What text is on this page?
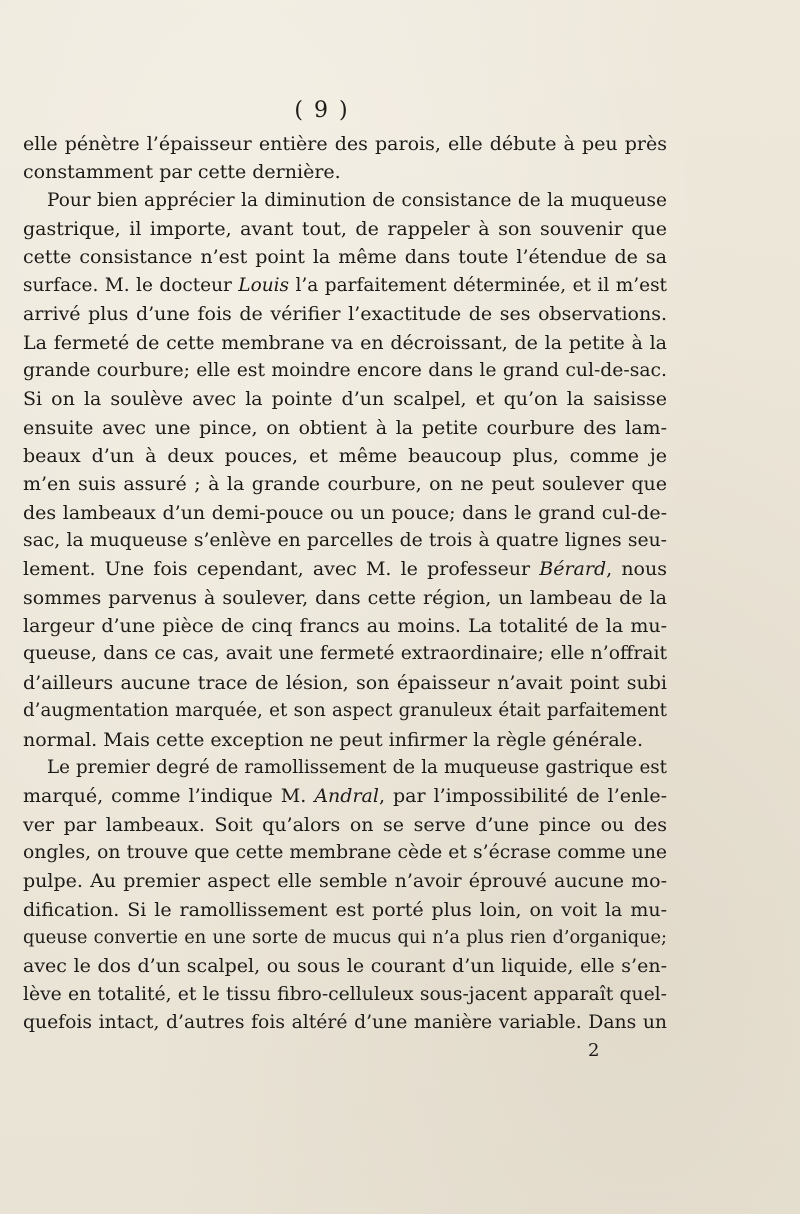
( 9 )
elle pénètre l’épaisseur entière des parois, elle débute à peu près
constamment par cette dernière.
Pour bien apprécier la diminution de consistance de la muqueuse
gastrique, il importe, avant tout, de rappeler à son souvenir que
cette consistance n’est point la même dans toute l’étendue de sa
surface. M. le docteur Louis l’a parfaitement déterminée, et il m’est
arrivé plus d’une fois de vérifier l’exactitude de ses observations.
La fermeté de cette membrane va en décroissant, de la petite à la
grande courbure; elle est moindre encore dans le grand cul-de-sac.
Si on la soulève avec la pointe d’un scalpel, et qu’on la saisisse
ensuite avec une pince, on obtient à la petite courbure des lam-
beaux d’un à deux pouces, et même beaucoup plus, comme je
m’en suis assuré ; à la grande courbure, on ne peut soulever que
des lambeaux d’un demi-pouce ou un pouce; dans le grand cul-de-
sac, la muqueuse s’enlève en parcelles de trois à quatre lignes seu-
lement. Une fois cependant, avec M. le professeur Bérard, nous
sommes parvenus à soulever, dans cette région, un lambeau de la
largeur d’une pièce de cinq francs au moins. La totalité de la mu-
queuse, dans ce cas, avait une fermeté extraordinaire; elle n’offrait
d’ailleurs aucune trace de lésion, son épaisseur n’avait point subi
d’augmentation marquée, et son aspect granuleux était parfaitement
normal. Mais cette exception ne peut infirmer la règle générale.
Le premier degré de ramollissement de la muqueuse gastrique est
marqué, comme l’indique M. Andral, par l’impossibilité de l’enle-
ver par lambeaux. Soit qu’alors on se serve d’une pince ou des
ongles, on trouve que cette membrane cède et s’écrase comme une
pulpe. Au premier aspect elle semble n’avoir éprouvé aucune mo-
dification. Si le ramollissement est porté plus loin, on voit la mu-
queuse convertie en une sorte de mucus qui n’a plus rien d’organique;
avec le dos d’un scalpel, ou sous le courant d’un liquide, elle s’en-
lève en totalité, et le tissu fibro-celluleux sous-jacent apparaît quel-
quefois intact, d’autres fois altéré d’une manière variable. Dans un
2
